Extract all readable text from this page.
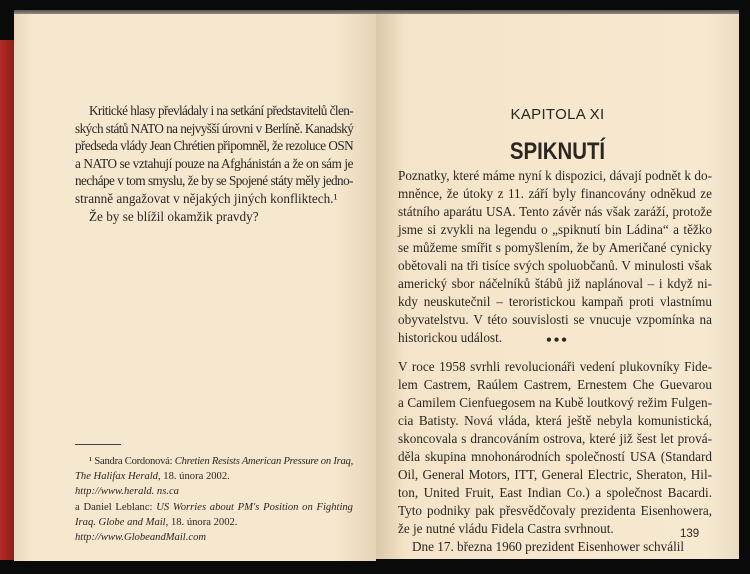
Kritické hlasy převládaly i na setkání představitelů člen-
ských států NATO na nejvyšší úrovni v Berlíně. Kanadský
předseda vlády Jean Chrétien připomněl, že rezoluce OSN
a NATO se vztahují pouze na Afghánistán a že on sám je
nechápe v tom smyslu, že by se Spojené státy měly jedno-
stranně angažovat v nějakých jiných konfliktech.¹
Že by se blížil okamžik pravdy?
¹ Sandra Cordonová: Chretien Resists American Pressure on Iraq,
The Halifax Herald, 18. února 2002.
http://www.herald. ns.ca
a Daniel Leblanc: US Worries about PM's Position on Fighting
Iraq. Globe and Mail, 18. února 2002.
http://www.GlobeandMail.com
KAPITOLA XI
SPIKNUTÍ
Poznatky, které máme nyní k dispozici, dávají podnět k do-
mněnce, že útoky z 11. září byly financovány odněkud ze
státního aparátu USA. Tento závěr nás však zaráží, protože
jsme si zvykli na legendu o „spiknutí bin Ládina“ a těžko
se můžeme smířit s pomyšlením, že by Američané cynicky
obětovali na tři tisíce svých spoluobčanů. V minulosti však
americký sbor náčelníků štábů již naplánoval – i když ni-
kdy neuskutečnil – teroristickou kampaň proti vlastnímu
obyvatelstvu. V této souvislosti se vnucuje vzpomínka na
historickou událost.	•••
V roce 1958 svrhli revolucionáři vedení plukovníky Fide-
lem Castrem, Raúlem Castrem, Ernestem Che Guevarou
a Camilem Cienfuegosem na Kubě loutkový režim Fulgen-
cia Batisty. Nová vláda, která ještě nebyla komunistická,
skoncovala s drancováním ostrova, které již šest let prová-
děla skupina mnohonárodních společností USA (Standard
Oil, General Motors, ITT, General Electric, Sheraton, Hil-
ton, United Fruit, East Indian Co.) a společnost Bacardi.
Tyto podniky pak přesvědčovaly prezidenta Eisenhowera,
že je nutné vládu Fidela Castra svrhnout.
Dne 17. března 1960 prezident Eisenhower schválil
139
